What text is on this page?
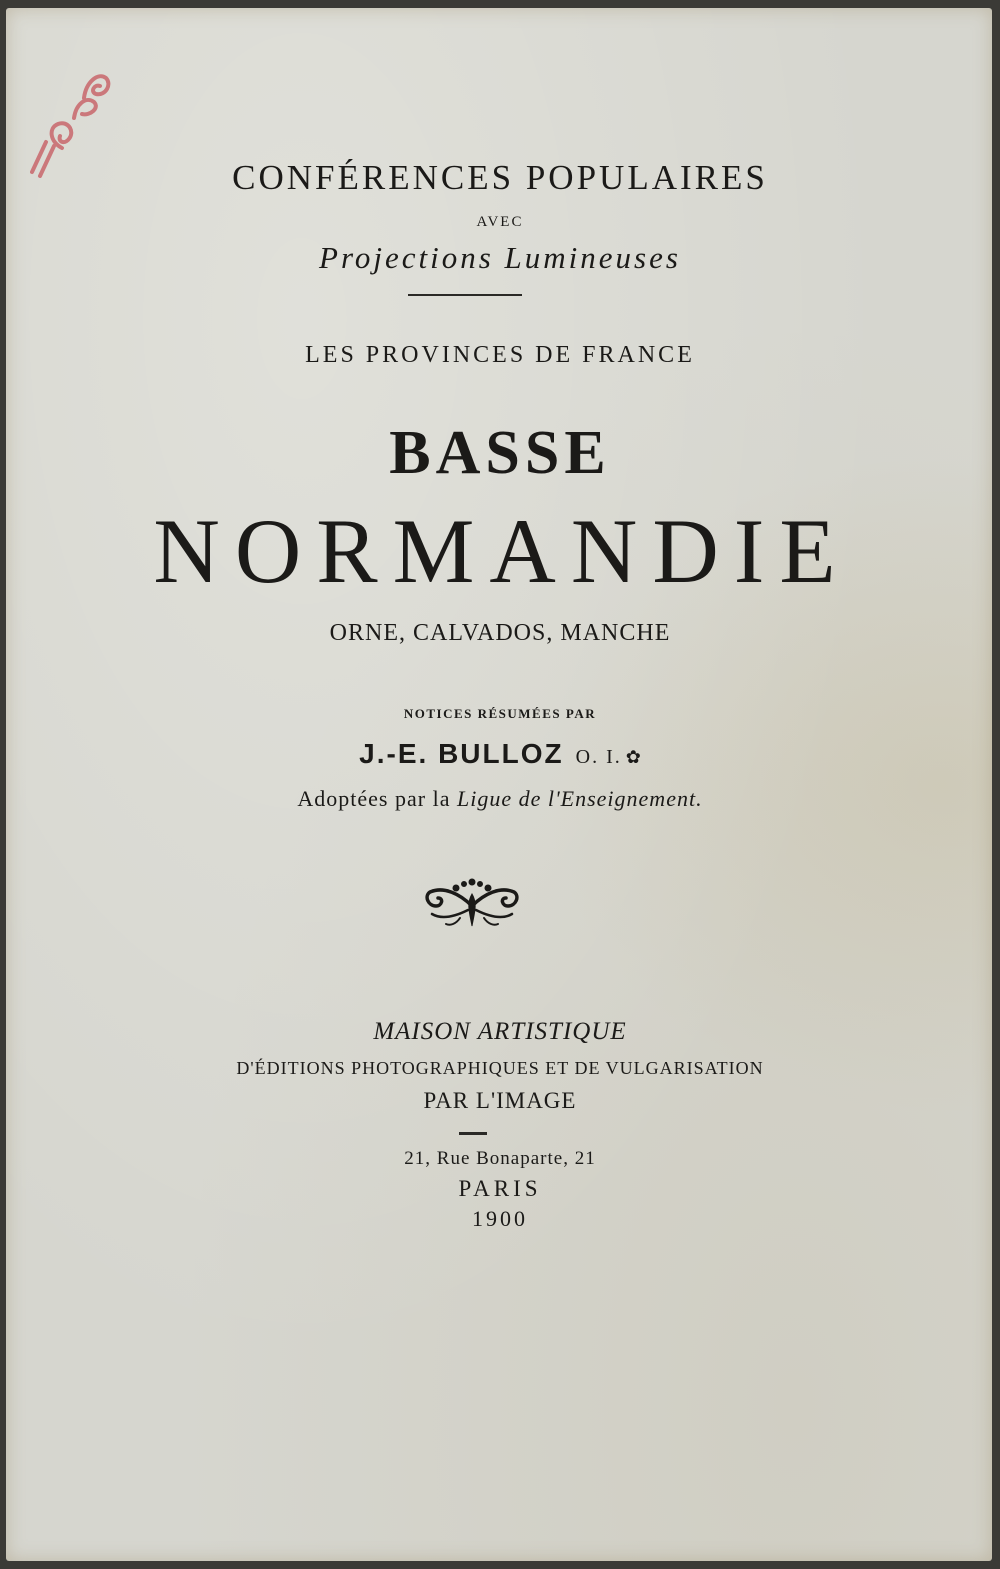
CONFÉRENCES POPULAIRES
AVEC
Projections Lumineuses
LES PROVINCES DE FRANCE
BASSE
NORMANDIE
ORNE, CALVADOS, MANCHE
NOTICES RÉSUMÉES PAR
J.-E. BULLOZ O. I. ✿
Adoptées par la Ligue de l'Enseignement.
MAISON ARTISTIQUE
D'ÉDITIONS PHOTOGRAPHIQUES ET DE VULGARISATION
PAR L'IMAGE
21, Rue Bonaparte, 21
PARIS
1900
